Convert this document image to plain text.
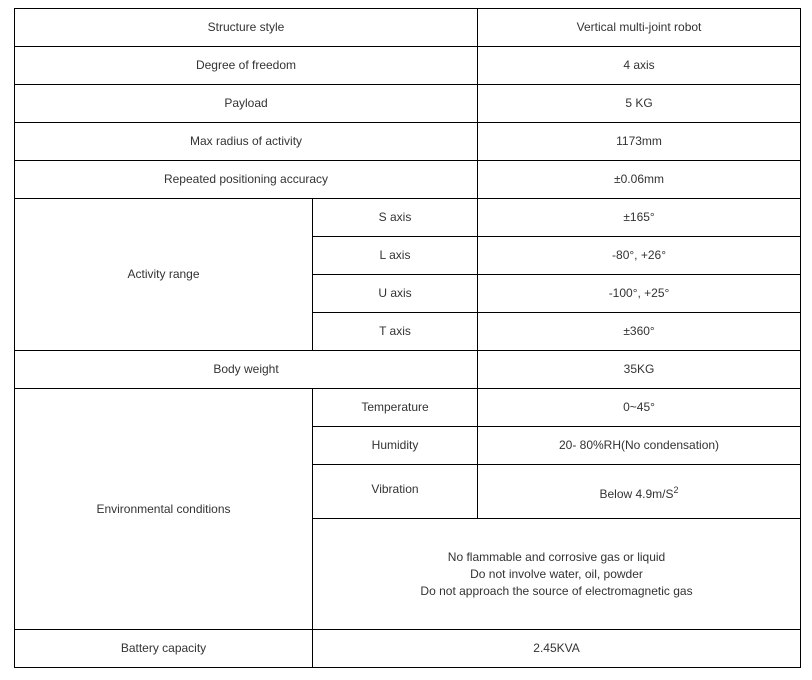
Structure style		Vertical multi-joint robot
Degree of freedom		4 axis
Payload		5 KG
Max radius of activity		1173mm
Repeated positioning accuracy		±0.06mm
Activity range	S axis	±165°
	L axis	-80°, +26°
	U axis	-100°, +25°
	T axis	±360°
Body weight		35KG
Environmental conditions	Temperature	0~45°
	Humidity	20- 80%RH(No condensation)
	Vibration	Below $4.9m/S^2$

	No flammable and corrosive gas or liquid
Do not involve water, oil, powder
Do not approach the source of electromagnetic gas	

Battery capacity	2.45KVA	
